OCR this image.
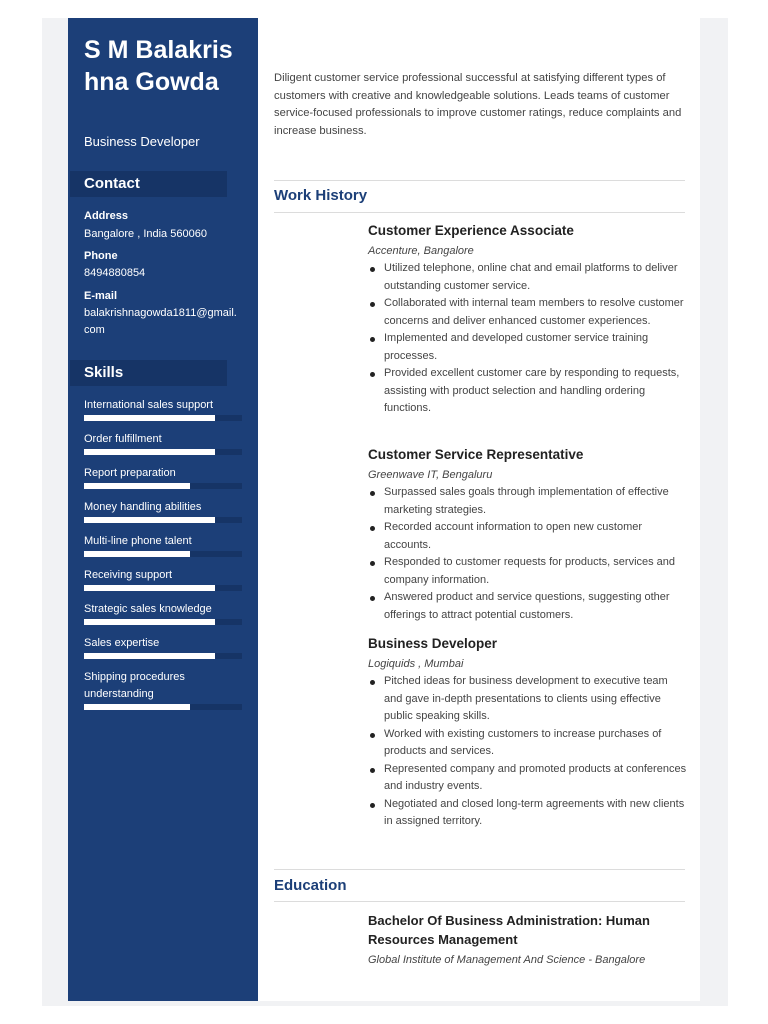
S M Balakrishna Gowda
Business Developer
Contact
Address
Bangalore , India 560060
Phone
8494880854
E-mail
balakrishnagowda1811@gmail.com
Skills
International sales support
Order fulfillment
Report preparation
Money handling abilities
Multi-line phone talent
Receiving support
Strategic sales knowledge
Sales expertise
Shipping procedures understanding
Diligent customer service professional successful at satisfying different types of customers with creative and knowledgeable solutions. Leads teams of customer service-focused professionals to improve customer ratings, reduce complaints and increase business.
Work History
Customer Experience Associate
Accenture, Bangalore
Utilized telephone, online chat and email platforms to deliver outstanding customer service.
Collaborated with internal team members to resolve customer concerns and deliver enhanced customer experiences.
Implemented and developed customer service training processes.
Provided excellent customer care by responding to requests, assisting with product selection and handling ordering functions.
Customer Service Representative
Greenwave IT, Bengaluru
Surpassed sales goals through implementation of effective marketing strategies.
Recorded account information to open new customer accounts.
Responded to customer requests for products, services and company information.
Answered product and service questions, suggesting other offerings to attract potential customers.
Business Developer
Logiquids , Mumbai
Pitched ideas for business development to executive team and gave in-depth presentations to clients using effective public speaking skills.
Worked with existing customers to increase purchases of products and services.
Represented company and promoted products at conferences and industry events.
Negotiated and closed long-term agreements with new clients in assigned territory.
Education
Bachelor Of Business Administration: Human Resources Management
Global Institute of Management And Science - Bangalore
